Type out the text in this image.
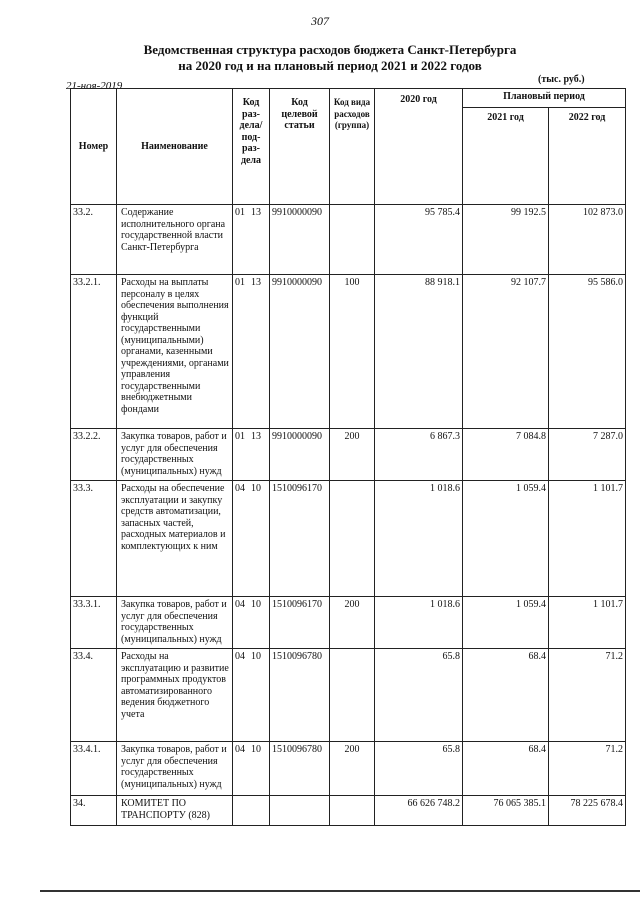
307
Ведомственная структура расходов бюджета Санкт-Петербурга
на 2020 год и на плановый период 2021 и 2022 годов
21-ноя-2019
(тыс. руб.)
Номер	Наименование	Код раз-дела/ под-раз-дела	Код целевой статьи	Код вида расходов (группа)	2020 год	Плановый период	
						2021 год	2022 год
33.2.	Содержание исполнительного органа государственной власти Санкт-Петербурга	01 13	9910000090		95 785.4	99 192.5	102 873.0
33.2.1.	Расходы на выплаты персоналу в целях обеспечения выполнения функций государственными (муниципальными) органами, казенными учреждениями, органами управления государственными внебюджетными фондами	01 13	9910000090	100	88 918.1	92 107.7	95 586.0
33.2.2.	Закупка товаров, работ и услуг для обеспечения государственных (муниципальных) нужд	01 13	9910000090	200	6 867.3	7 084.8	7 287.0
33.3.	Расходы на обеспечение эксплуатации и закупку средств автоматизации, запасных частей, расходных материалов и комплектующих к ним	04 10	1510096170		1 018.6	1 059.4	1 101.7
33.3.1.	Закупка товаров, работ и услуг для обеспечения государственных (муниципальных) нужд	04 10	1510096170	200	1 018.6	1 059.4	1 101.7
33.4.	Расходы на эксплуатацию и развитие программных продуктов автоматизированного ведения бюджетного учета	04 10	1510096780		65.8	68.4	71.2
33.4.1.	Закупка товаров, работ и услуг для обеспечения государственных (муниципальных) нужд	04 10	1510096780	200	65.8	68.4	71.2
34.	КОМИТЕТ ПО ТРАНСПОРТУ (828)				66 626 748.2	76 065 385.1	78 225 678.4
